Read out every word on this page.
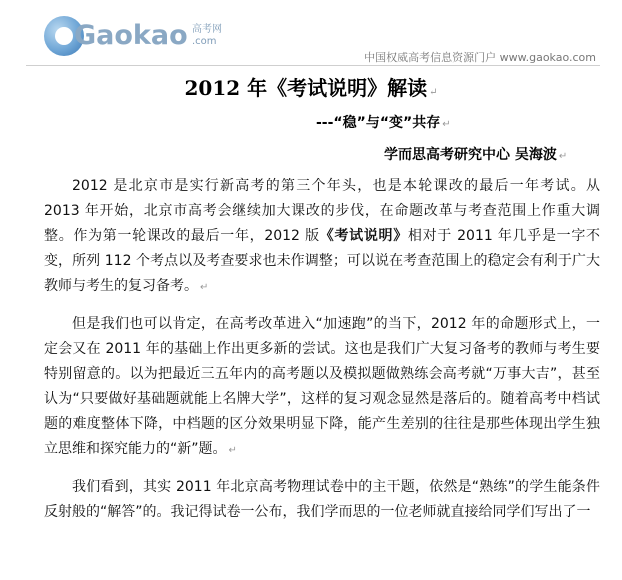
Gaokao 高考网
.com
中国权威高考信息资源门户 www.gaokao.com
2012 年《考试说明》解读 ↵
---“稳”与“变”共存 ↵
学而思高考研究中心 吴海波 ↵

2012 是北京市是实行新高考的第三个年头，也是本轮课改的最后一年考试。从 2013 年开始，北京市高考会继续加大课改的步伐，在命题改革与考查范围上作重大调整。作为第一轮课改的最后一年，2012 版《考试说明》相对于 2011 年几乎是一字不变，所列 112 个考点以及考查要求也未作调整；可以说在考查范围上的稳定会有利于广大教师与考生的复习备考。 ↵

但是我们也可以肯定，在高考改革进入“加速跑”的当下，2012 年的命题形式上，一定会又在 2011 年的基础上作出更多新的尝试。这也是我们广大复习备考的教师与考生要特别留意的。以为把最近三五年内的高考题以及模拟题做熟练会高考就“万事大吉”，甚至认为“只要做好基础题就能上名牌大学”，这样的复习观念显然是落后的。随着高考中档试题的难度整体下降，中档题的区分效果明显下降，能产生差别的往往是那些体现出学生独立思维和探究能力的“新”题。 ↵

我们看到，其实 2011 年北京高考物理试卷中的主干题，依然是“熟练”的学生能条件反射般的“解答”的。我记得试卷一公布，我们学而思的一位老师就直接给同学们写出了一
